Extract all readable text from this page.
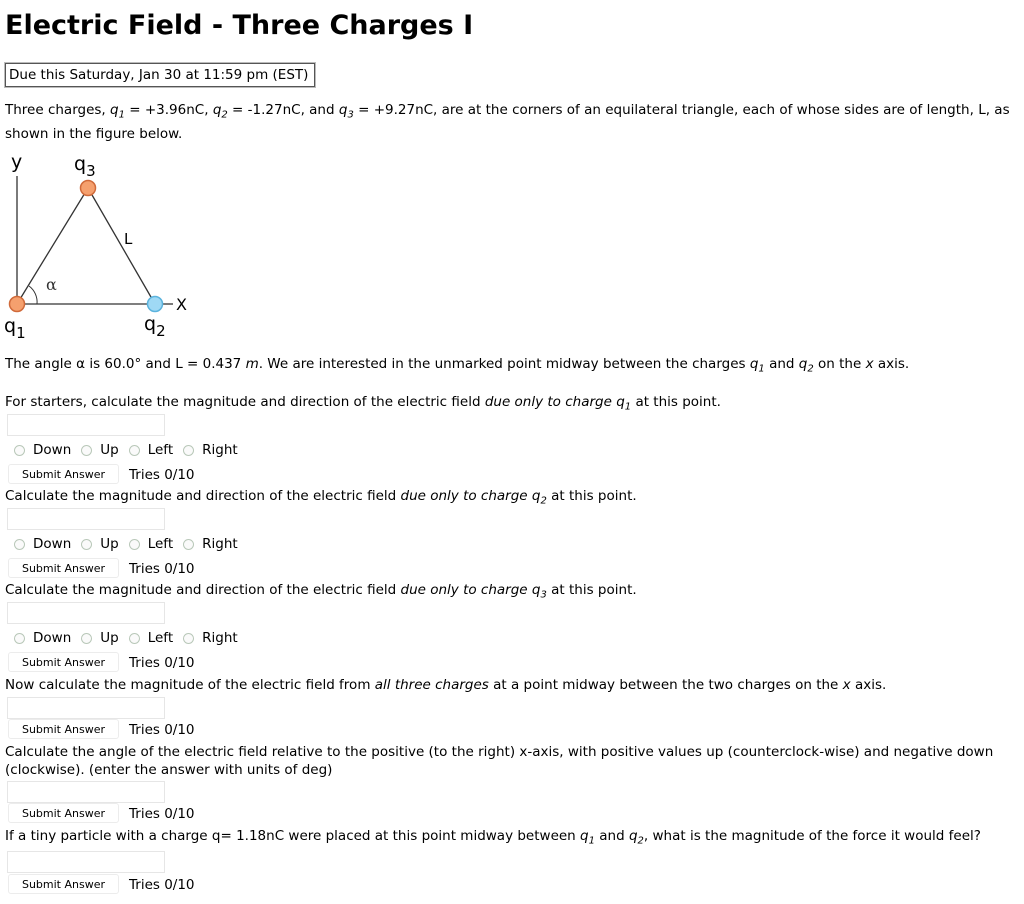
Electric Field - Three Charges I
Due this Saturday, Jan 30 at 11:59 pm (EST)
Three charges, $q_1 = +3.96nC$, $q_2 = -1.27nC$, and $q_3 = +9.27nC$, are at the corners of an equilateral triangle, each of whose sides are of length, L, as shown in the figure below.
y
X
$q_3$
$q_1$	$q_2$
L
α
The angle α is 60.0° and L = 0.437 m. We are interested in the unmarked point midway between the charges $q_1$ and $q_2$ on the x axis.
For starters, calculate the magnitude and direction of the electric field due only to charge $q_1$ at this point.
Down Up Left Right
Submit Answer	Tries 0/10
Calculate the magnitude and direction of the electric field due only to charge $q_2$ at this point.
Down Up Left Right
Submit Answer	Tries 0/10
Calculate the magnitude and direction of the electric field due only to charge $q_3$ at this point.
Down Up Left Right
Submit Answer	Tries 0/10
Now calculate the magnitude of the electric field from all three charges at a point midway between the two charges on the x axis.
Submit Answer	Tries 0/10
Calculate the angle of the electric field relative to the positive (to the right) x-axis, with positive values up (counterclock-wise) and negative down (clockwise). (enter the answer with units of deg)
Submit Answer	Tries 0/10
If a tiny particle with a charge q= 1.18nC were placed at this point midway between $q_1$ and $q_2$, what is the magnitude of the force it would feel?
Submit Answer	Tries 0/10
